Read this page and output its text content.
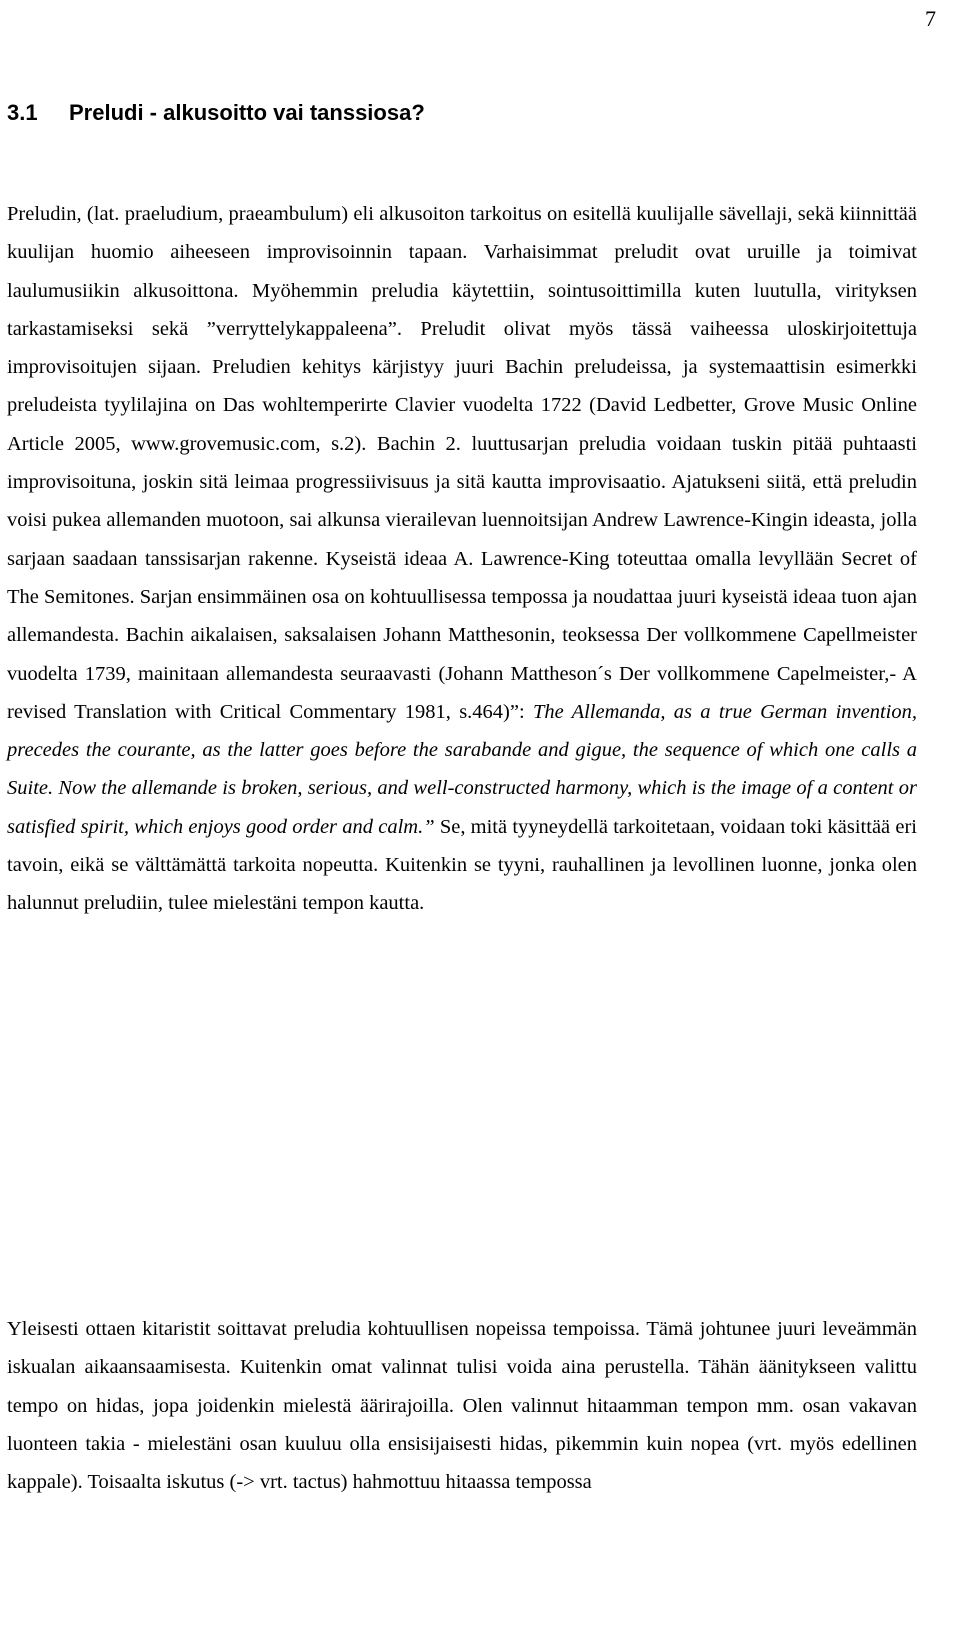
7
3.1 Preludi - alkusoitto vai tanssiosa?

Preludin, (lat. praeludium, praeambulum) eli alkusoiton tarkoitus on esitellä kuulijalle sävellaji, sekä kiinnittää kuulijan huomio aiheeseen improvisoinnin tapaan. Varhaisimmat preludit ovat uruille ja toimivat laulumusiikin alkusoittona. Myöhemmin preludia käytettiin, sointusoittimilla kuten luutulla, virityksen tarkastamiseksi sekä ”verryttelykappaleena”. Preludit olivat myös tässä vaiheessa uloskirjoitettuja improvisoitujen sijaan. Preludien kehitys kärjistyy juuri Bachin preludeissa, ja systemaattisin esimerkki preludeista tyylilajina on Das wohltemperirte Clavier vuodelta 1722 (David Ledbetter, Grove Music Online Article 2005, www.grovemusic.com, s.2). Bachin 2. luuttusarjan preludia voidaan tuskin pitää puhtaasti improvisoituna, joskin sitä leimaa progressiivisuus ja sitä kautta improvisaatio. Ajatukseni siitä, että preludin voisi pukea allemanden muotoon, sai alkunsa vierailevan luennoitsijan Andrew Lawrence-Kingin ideasta, jolla sarjaan saadaan tanssisarjan rakenne. Kyseistä ideaa A. Lawrence-King toteuttaa omalla levyllään Secret of The Semitones. Sarjan ensimmäinen osa on kohtuullisessa tempossa ja noudattaa juuri kyseistä ideaa tuon ajan allemandesta. Bachin aikalaisen, saksalaisen Johann Matthesonin, teoksessa Der vollkommene Capellmeister vuodelta 1739, mainitaan allemandesta seuraavasti (Johann Mattheson´s Der vollkommene Capelmeister,- A revised Translation with Critical Commentary 1981, s.464)”: The Allemanda, as a true German invention, precedes the courante, as the latter goes before the sarabande and gigue, the sequence of which one calls a Suite. Now the allemande is broken, serious, and well-constructed harmony, which is the image of a content or satisfied spirit, which enjoys good order and calm.” Se, mitä tyyneydellä tarkoitetaan, voidaan toki käsittää eri tavoin, eikä se välttämättä tarkoita nopeutta. Kuitenkin se tyyni, rauhallinen ja levollinen luonne, jonka olen halunnut preludiin, tulee mielestäni tempon kautta.

Yleisesti ottaen kitaristit soittavat preludia kohtuullisen nopeissa tempoissa. Tämä johtunee juuri leveämmän iskualan aikaansaamisesta. Kuitenkin omat valinnat tulisi voida aina perustella. Tähän äänitykseen valittu tempo on hidas, jopa joidenkin mielestä äärirajoilla. Olen valinnut hitaamman tempon mm. osan vakavan luonteen takia - mielestäni osan kuuluu olla ensisijaisesti hidas, pikemmin kuin nopea (vrt. myös edellinen kappale). Toisaalta iskutus (-> vrt. tactus) hahmottuu hitaassa tempossa
